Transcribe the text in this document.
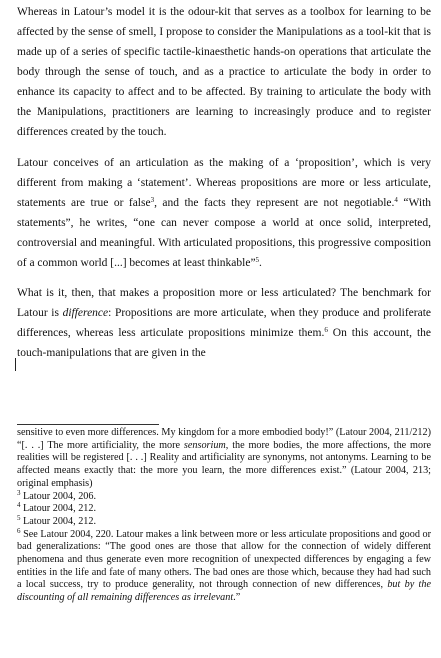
Whereas in Latour’s model it is the odour-kit that serves as a toolbox for learning to be affected by the sense of smell, I propose to consider the Manipulations as a tool-kit that is made up of a series of specific tactile-kinaesthetic hands-on operations that articulate the body through the sense of touch, and as a practice to articulate the body in order to enhance its capacity to affect and to be affected. By training to articulate the body with the Manipulations, practitioners are learning to increasingly produce and to register differences created by the touch.

Latour conceives of an articulation as the making of a ‘proposition’, which is very different from making a ‘statement’. Whereas propositions are more or less articulate, statements are true or false$^3$, and the facts they represent are not negotiable.$^4$ “With statements”, he writes, “one can never compose a world at once solid, interpreted, controversial and meaningful. With articulated propositions, this progressive composition of a common world [...] becomes at least thinkable”$^5$.

What is it, then, that makes a proposition more or less articulated? The benchmark for Latour is difference: Propositions are more articulate, when they produce and proliferate differences, whereas less articulate propositions minimize them.$^6$ On this account, the touch-manipulations that are given in the

sensitive to even more differences. My kingdom for a more embodied body!” (Latour 2004, 211/212) “[. . .] The more artificiality, the more sensorium, the more bodies, the more affections, the more realities will be registered [. . .] Reality and artificiality are synonyms, not antonyms. Learning to be affected means exactly that: the more you learn, the more differences exist.” (Latour 2004, 213; original emphasis)

$^3$ Latour 2004, 206.

$^4$ Latour 2004, 212.

$^5$ Latour 2004, 212.

$^6$ See Latour 2004, 220. Latour makes a link between more or less articulate propositions and good or bad generalizations: “The good ones are those that allow for the connection of widely different phenomena and thus generate even more recognition of unexpected differences by engaging a few entities in the life and fate of many others. The bad ones are those which, because they had had such a local success, try to produce generality, not through connection of new differences, but by the discounting of all remaining differences as irrelevant.”
